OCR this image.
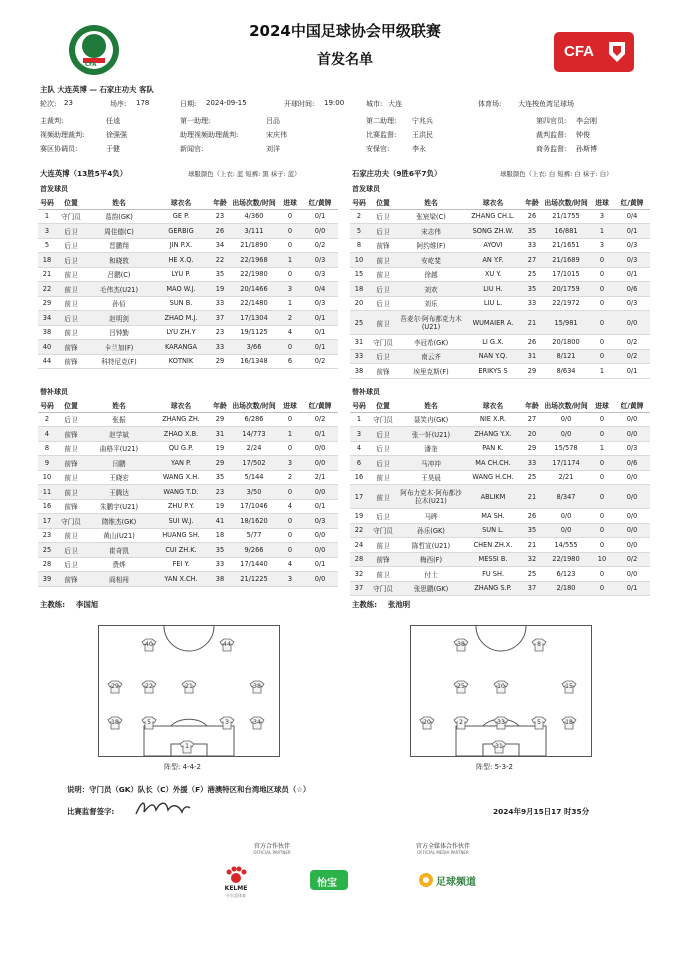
CFA
CFA
2024中国足球协会甲级联赛
首发名单
主队 大连英博 — 石家庄功夫 客队
轮次: 23	场序: 178	日期: 2024-09-15	开球时间: 19:00	城市: 大连	体育场: 大连梭鱼湾足球场
主裁判:	任逵	第一助理:	吕品	第二助理: 宁兆兵	第四官员: 李会刚
视频助理裁判:	徐强强	助理视频助理裁判:	宋庆伟	比赛监督: 王洪民	裁判监督: 钟俊
赛区协调员:	于健	新闻官:	刘洋	安保官:	李永	商务监督: 孙斯博
大连英博（13胜5平4负）	球服颜色（上衣: 蓝 短裤: 黑 袜子: 蓝）	石家庄功夫（9胜6平7负）	球服颜色（上衣: 白 短裤: 白 袜子: 白）
首发球员	首发球员
号码	位置	姓名	球衣名	年龄	出场次数/时间	进球	红/黄牌
1	守门员	葛韵(GK)	GE P.	23	4/360	0	0/1
3	后卫	周佳德(C)	GERBIG	26	3/111	0	0/0
5	后卫	晋鹏翔	JIN P.X.	34	21/1890	0	0/2
18	后卫	和晓敦	HE X.Q.	22	22/1968	1	0/3
21	前卫	吕鹏(C)	LYU P.	35	22/1980	0	0/3
22	前卫	毛伟杰(U21)	MAO W.J.	19	20/1466	3	0/4
29	前卫	孙佰	SUN B.	33	22/1480	1	0/3
34	后卫	赵明剑	ZHAO M.J.	37	17/1304	2	0/1
38	前卫	吕钟勤	LYU ZH.Y	23	19/1125	4	0/1
40	前锋	卡兰加(F)	KARANGA	33	3/66	0	0/1
44	前锋	科特尼克(F)	KOTNIK	29	16/1348	6	0/2
号码	位置	姓名	球衣名	年龄	出场次数/时间	进球	红/黄牌
2	后卫	张宸梁(C)	ZHANG CH.L.	26	21/1755	3	0/4
5	后卫	宋志伟	SONG ZH.W.	35	16/881	1	0/1
8	前锋	阿约维(F)	AYOVI	33	21/1651	3	0/3
10	前卫	安屹斐	AN Y.F.	27	21/1689	0	0/3
15	前卫	徐越	XU Y.	25	17/1015	0	0/1
18	后卫	刘欢	LIU H.	35	20/1759	0	0/6
20	后卫	刘乐	LIU L.	33	22/1972	0	0/3
25	前卫	吾麦尔·阿布都克力木(U21)	WUMAIER A.	21	15/981	0	0/0
31	守门员	李冠希(GK)	LI G.X.	26	20/1800	0	0/2
33	后卫	南云齐	NAN Y.Q.	31	8/121	0	0/2
38	前锋	埃里克斯(F)	ERIKYS S	29	8/634	1	0/1
替补球员	替补球员
号码	位置	姓名	球衣名	年龄	出场次数/时间	进球	红/黄牌
2	后卫	张振	ZHANG ZH.	29	6/286	0	0/2
4	前锋	赵学斌	ZHAO X.B.	31	14/773	1	0/1
8	前卫	曲格平(U21)	QU G.P.	19	2/24	0	0/0
9	前锋	闫鹏	YAN P.	29	17/502	3	0/0
10	前卫	王晓宏	WANG X.H.	35	5/144	2	2/1
11	前卫	王腾达	WANG T.D.	23	3/50	0	0/0
16	前锋	朱鹏宇(U21)	ZHU P.Y.	19	17/1046	4	0/1
17	守门员	隋维杰(GK)	SUI W.J.	41	18/1620	0	0/3
23	前卫	黄山(U21)	HUANG SH.	18	5/77	0	0/0
25	后卫	崔奇凯	CUI ZH.K.	35	9/266	0	0/0
28	后卫	费烨	FEI Y.	33	17/1440	4	0/1
39	前锋	阎相闯	YAN X.CH.	38	21/1225	3	0/0
号码	位置	姓名	球衣名	年龄	出场次数/时间	进球	红/黄牌
1	守门员	聂笑冉(GK)	NIE X.R.	27	0/0	0	0/0
3	后卫	张一轩(U21)	ZHANG Y.X.	20	0/0	0	0/0
4	后卫	潘奎	PAN K.	29	15/578	1	0/3
6	后卫	马冲冲	MA CH.CH.	33	17/1174	0	0/6
16	前卫	王昊晨	WANG H.CH.	25	2/21	0	0/0
17	前卫	阿布力克木·阿布都沙拉木(U21)	ABLIKM	21	8/347	0	0/0
19	后卫	马晔	MA SH.	26	0/0	0	0/0
22	守门员	孙乐(GK)	SUN L.	35	0/0	0	0/0
24	前卫	陈哲宣(U21)	CHEN ZH.X.	21	14/555	0	0/0
28	前锋	梅西(F)	MESSI B.	32	22/1980	10	0/2
32	前卫	付士	FU SH.	25	6/123	0	0/0
37	守门员	张思鹏(GK)	ZHANG S.P.	37	2/180	0	0/1
主教练: 李国旭	主教练: 张池明
40	44
29	22	21	38
18	5	3	34
1
阵型: 4-4-2
38	8
25	10	15
20	2	33	5	18
31
阵型: 5-3-2
说明：守门员（GK）队长（C）外援（F）港澳特区和台湾地区球员（☆）
比赛监督签字:	2024年9月15日17 时35分
官方合作伙伴
OFFICIAL PARTNER
官方全媒体合作伙伴
OFFICIAL MEDIA PARTNER
KELME
卡尔美体育
怡宝	足球频道
